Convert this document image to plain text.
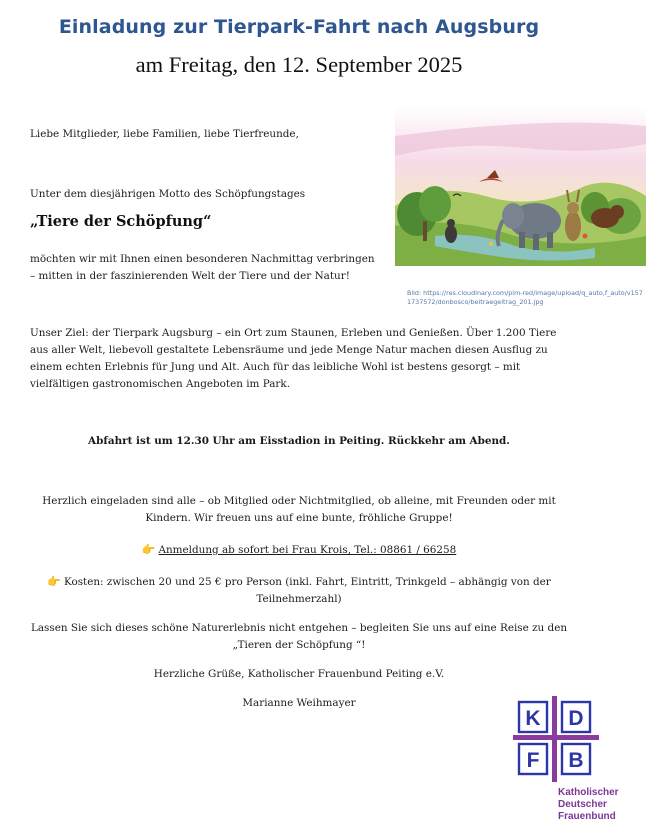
Einladung zur Tierpark-Fahrt nach Augsburg
am Freitag, den 12. September 2025
Liebe Mitglieder, liebe Familien, liebe Tierfreunde,
Unter dem diesjährigen Motto des Schöpfungstages
„Tiere der Schöpfung“
möchten wir mit Ihnen einen besonderen Nachmittag verbringen – mitten in der faszinierenden Welt der Tiere und der Natur!
Bild: https://res.cloudinary.com/pim-red/image/upload/q_auto,f_auto/v1571737572/donbosco/beitraegeitrag_201.jpg
Unser Ziel: der Tierpark Augsburg – ein Ort zum Staunen, Erleben und Genießen. Über 1.200 Tiere aus aller Welt, liebevoll gestaltete Lebensräume und jede Menge Natur machen diesen Ausflug zu einem echten Erlebnis für Jung und Alt. Auch für das leibliche Wohl ist bestens gesorgt – mit vielfältigen gastronomischen Angeboten im Park.
Abfahrt ist um 12.30 Uhr am Eisstadion in Peiting. Rückkehr am Abend.
Herzlich eingeladen sind alle – ob Mitglied oder Nichtmitglied, ob alleine, mit Freunden oder mit Kindern. Wir freuen uns auf eine bunte, fröhliche Gruppe!
👉 Anmeldung ab sofort bei Frau Krois, Tel.: 08861 / 66258
👉 Kosten: zwischen 20 und 25 € pro Person (inkl. Fahrt, Eintritt, Trinkgeld – abhängig von der Teilnehmerzahl)
Lassen Sie sich dieses schöne Naturerlebnis nicht entgehen – begleiten Sie uns auf eine Reise zu den „Tieren der Schöpfung “!
Herzliche Grüße, Katholischer Frauenbund Peiting e.V.
Marianne Weihmayer
K D
F B
Katholischer
Deutscher
Frauenbund
